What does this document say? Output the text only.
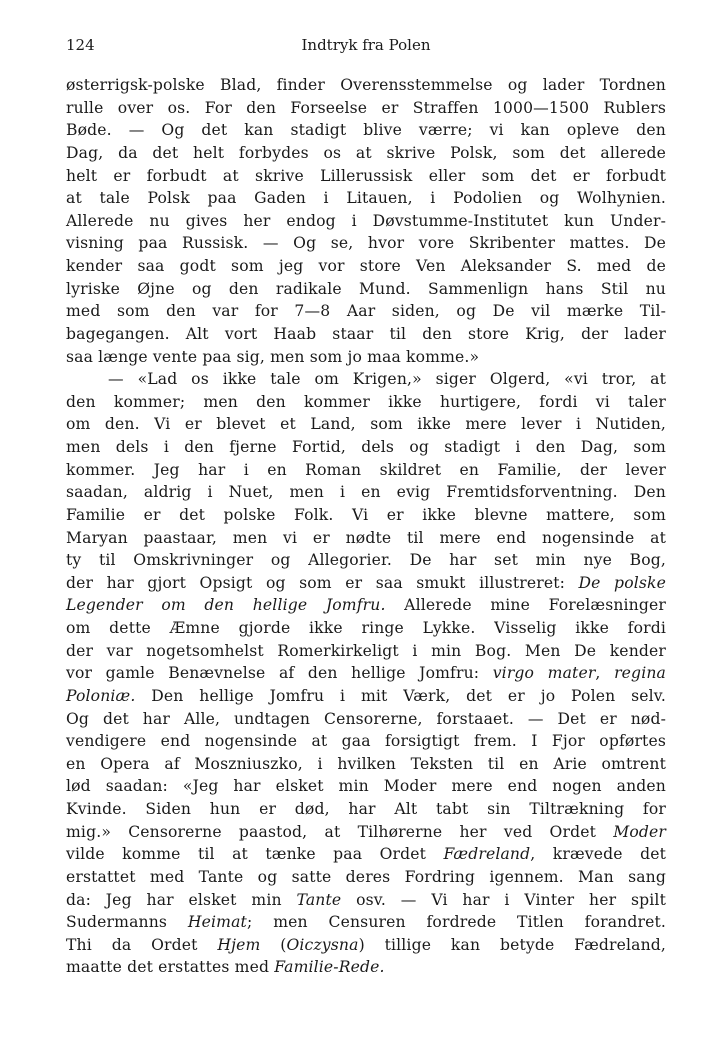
124	Indtryk fra Polen
østerrigsk-polske Blad, finder Overensstemmelse og lader Tordnen
rulle over os. For den Forseelse er Straffen 1000—1500 Rublers
Bøde. — Og det kan stadigt blive værre; vi kan opleve den
Dag, da det helt forbydes os at skrive Polsk, som det allerede
helt er forbudt at skrive Lillerussisk eller som det er forbudt
at tale Polsk paa Gaden i Litauen, i Podolien og Wolhynien.
Allerede nu gives her endog i Døvstumme-Institutet kun Under-
visning paa Russisk. — Og se, hvor vore Skribenter mattes. De
kender saa godt som jeg vor store Ven Aleksander S. med de
lyriske Øjne og den radikale Mund. Sammenlign hans Stil nu
med som den var for 7—8 Aar siden, og De vil mærke Til-
bagegangen. Alt vort Haab staar til den store Krig, der lader
saa længe vente paa sig, men som jo maa komme.»
— «Lad os ikke tale om Krigen,» siger Olgerd, «vi tror, at
den kommer; men den kommer ikke hurtigere, fordi vi taler
om den. Vi er blevet et Land, som ikke mere lever i Nutiden,
men dels i den fjerne Fortid, dels og stadigt i den Dag, som
kommer. Jeg har i en Roman skildret en Familie, der lever
saadan, aldrig i Nuet, men i en evig Fremtidsforventning. Den
Familie er det polske Folk. Vi er ikke blevne mattere, som
Maryan paastaar, men vi er nødte til mere end nogensinde at
ty til Omskrivninger og Allegorier. De har set min nye Bog,
der har gjort Opsigt og som er saa smukt illustreret: De polske
Legender om den hellige Jomfru. Allerede mine Forelæsninger
om dette Æmne gjorde ikke ringe Lykke. Visselig ikke fordi
der var nogetsomhelst Romerkirkeligt i min Bog. Men De kender
vor gamle Benævnelse af den hellige Jomfru: virgo mater, regina
Poloniæ. Den hellige Jomfru i mit Værk, det er jo Polen selv.
Og det har Alle, undtagen Censorerne, forstaaet. — Det er nød-
vendigere end nogensinde at gaa forsigtigt frem. I Fjor opførtes
en Opera af Moszniuszko, i hvilken Teksten til en Arie omtrent
lød saadan: «Jeg har elsket min Moder mere end nogen anden
Kvinde. Siden hun er død, har Alt tabt sin Tiltrækning for
mig.» Censorerne paastod, at Tilhørerne her ved Ordet Moder
vilde komme til at tænke paa Ordet Fædreland, krævede det
erstattet med Tante og satte deres Fordring igennem. Man sang
da: Jeg har elsket min Tante osv. — Vi har i Vinter her spilt
Sudermanns Heimat; men Censuren fordrede Titlen forandret.
Thi da Ordet Hjem (Oiczysna) tillige kan betyde Fædreland,
maatte det erstattes med Familie-Rede.
